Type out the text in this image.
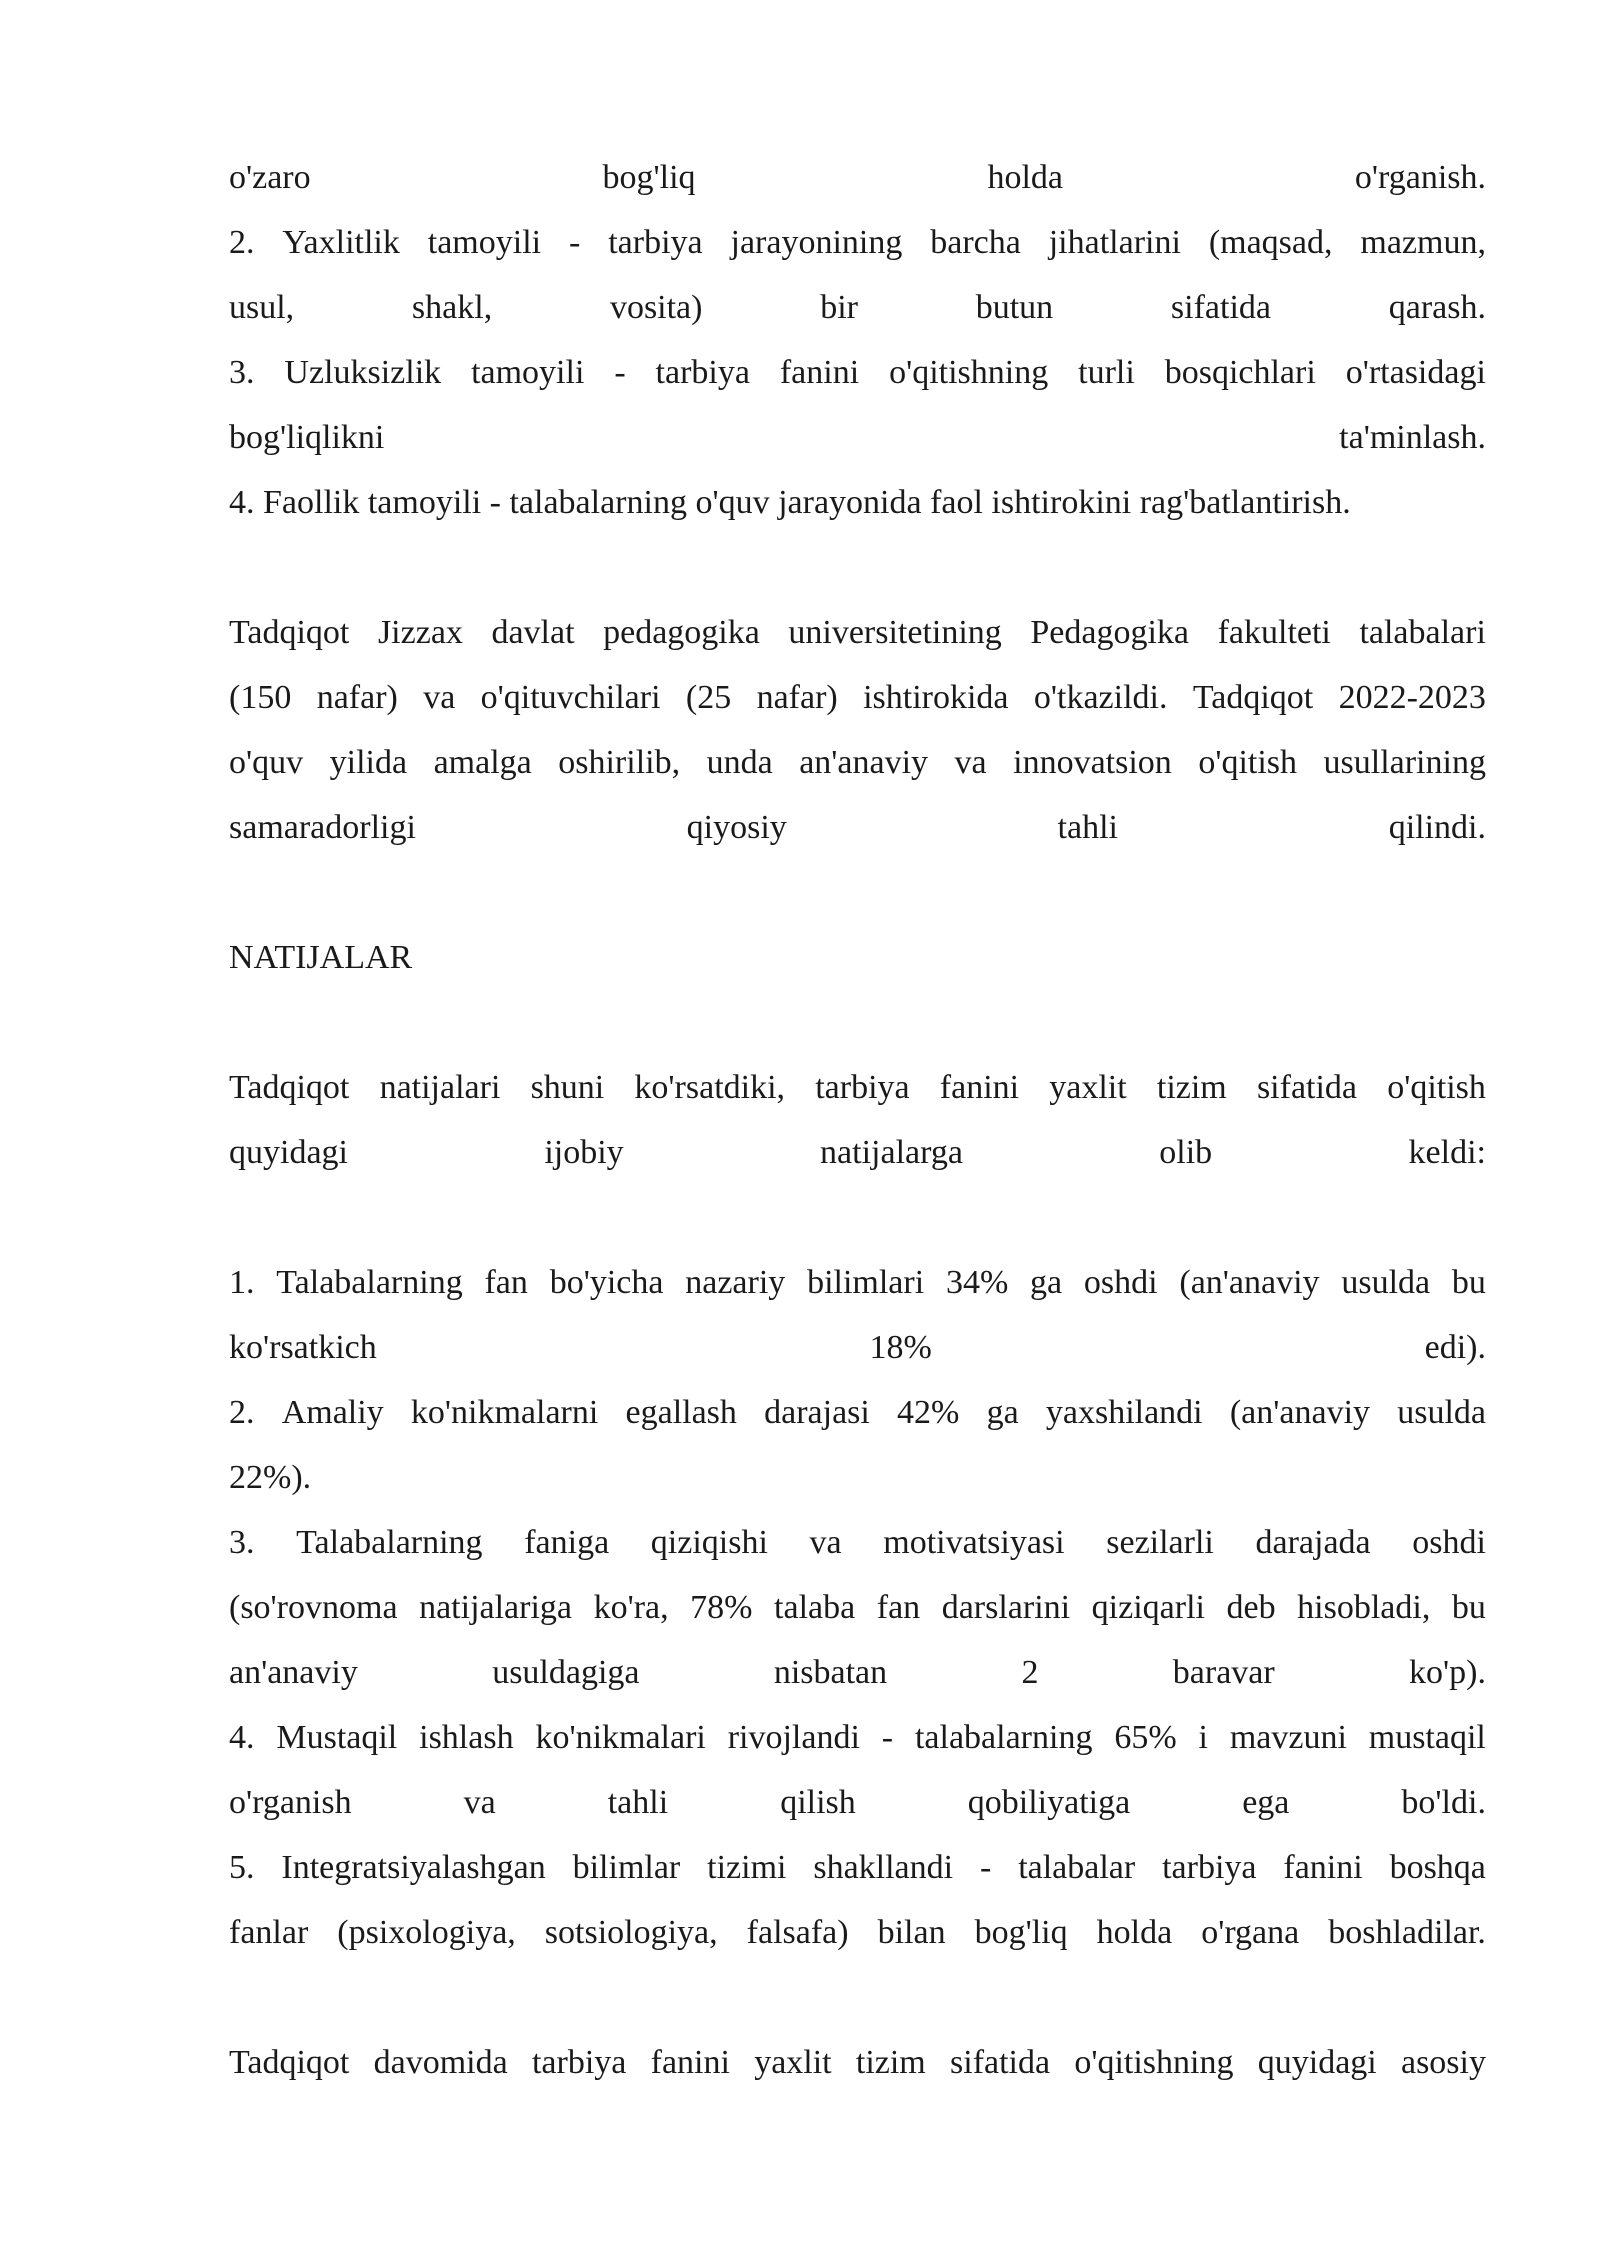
o'zaro	bog'liq	holda	o'rganish.
2. Yaxlitlik tamoyili - tarbiya jarayonining barcha jihatlarini (maqsad, mazmun,
usul,	shakl,	vosita)	bir	butun	sifatida	qarash.
3. Uzluksizlik tamoyili - tarbiya fanini o'qitishning turli bosqichlari o'rtasidagi
bog'liqlikni	ta'minlash.
4. Faollik tamoyili - talabalarning o'quv jarayonida faol ishtirokini rag'batlantirish.
Tadqiqot Jizzax davlat pedagogika universitetining Pedagogika fakulteti talabalari
(150 nafar) va o'qituvchilari (25 nafar) ishtirokida o'tkazildi. Tadqiqot 2022-2023
o'quv yilida amalga oshirilib, unda an'anaviy va innovatsion o'qitish usullarining
samaradorligi	qiyosiy	tahli	qilindi.
NATIJALAR
Tadqiqot natijalari shuni ko'rsatdiki, tarbiya fanini yaxlit tizim sifatida o'qitish
quyidagi	ijobiy	natijalarga	olib	keldi:
1. Talabalarning fan bo'yicha nazariy bilimlari 34% ga oshdi (an'anaviy usulda bu
ko'rsatkich	18%	edi).
2. Amaliy ko'nikmalarni egallash darajasi 42% ga yaxshilandi (an'anaviy usulda
22%).
3. Talabalarning faniga qiziqishi va motivatsiyasi sezilarli darajada oshdi
(so'rovnoma natijalariga ko'ra, 78% talaba fan darslarini qiziqarli deb hisobladi, bu
an'anaviy	usuldagiga	nisbatan	2	baravar	ko'p).
4. Mustaqil ishlash ko'nikmalari rivojlandi - talabalarning 65% i mavzuni mustaqil
o'rganish	va	tahli	qilish	qobiliyatiga	ega	bo'ldi.
5. Integratsiyalashgan bilimlar tizimi shakllandi - talabalar tarbiya fanini boshqa
fanlar (psixologiya, sotsiologiya, falsafa) bilan bog'liq holda o'rgana boshladilar.
Tadqiqot davomida tarbiya fanini yaxlit tizim sifatida o'qitishning quyidagi asosiy
